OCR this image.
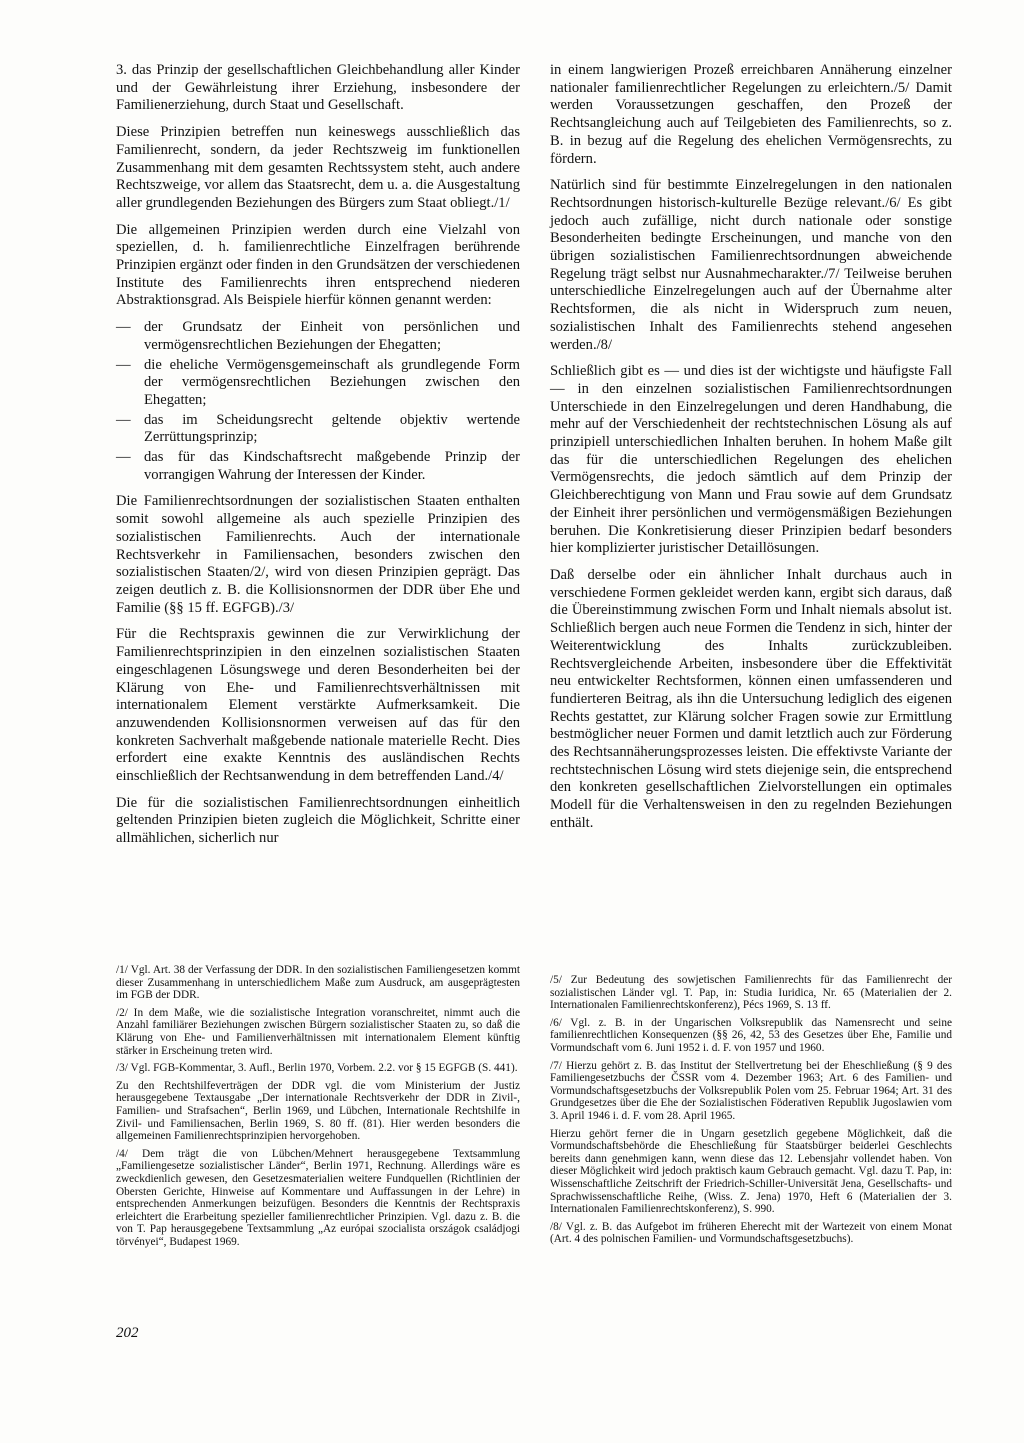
3. das Prinzip der gesellschaftlichen Gleichbehandlung aller Kinder und der Gewährleistung ihrer Erziehung, insbesondere der Familienerziehung, durch Staat und Gesellschaft.

Diese Prinzipien betreffen nun keineswegs ausschließlich das Familienrecht, sondern, da jeder Rechtszweig im funktionellen Zusammenhang mit dem gesamten Rechtssystem steht, auch andere Rechtszweige, vor allem das Staatsrecht, dem u. a. die Ausgestaltung aller grundlegenden Beziehungen des Bürgers zum Staat obliegt./1/

Die allgemeinen Prinzipien werden durch eine Vielzahl von speziellen, d. h. familienrechtliche Einzelfragen berührende Prinzipien ergänzt oder finden in den Grundsätzen der verschiedenen Institute des Familienrechts ihren entsprechend niederen Abstraktionsgrad. Als Beispiele hierfür können genannt werden:

— der Grundsatz der Einheit von persönlichen und vermögensrechtlichen Beziehungen der Ehegatten;
— die eheliche Vermögensgemeinschaft als grundlegende Form der vermögensrechtlichen Beziehungen zwischen den Ehegatten;
— das im Scheidungsrecht geltende objektiv wertende Zerrüttungsprinzip;
— das für das Kindschaftsrecht maßgebende Prinzip der vorrangigen Wahrung der Interessen der Kinder.

Die Familienrechtsordnungen der sozialistischen Staaten enthalten somit sowohl allgemeine als auch spezielle Prinzipien des sozialistischen Familienrechts. Auch der internationale Rechtsverkehr in Familiensachen, besonders zwischen den sozialistischen Staaten/2/, wird von diesen Prinzipien geprägt. Das zeigen deutlich z. B. die Kollisionsnormen der DDR über Ehe und Familie (§§ 15 ff. EGFGB)./3/

Für die Rechtspraxis gewinnen die zur Verwirklichung der Familienrechtsprinzipien in den einzelnen sozialistischen Staaten eingeschlagenen Lösungswege und deren Besonderheiten bei der Klärung von Ehe- und Familienrechtsverhältnissen mit internationalem Element verstärkte Aufmerksamkeit. Die anzuwendenden Kollisionsnormen verweisen auf das für den konkreten Sachverhalt maßgebende nationale materielle Recht. Dies erfordert eine exakte Kenntnis des ausländischen Rechts einschließlich der Rechtsanwendung in dem betreffenden Land./4/

Die für die sozialistischen Familienrechtsordnungen einheitlich geltenden Prinzipien bieten zugleich die Möglichkeit, Schritte einer allmählichen, sicherlich nur

in einem langwierigen Prozeß erreichbaren Annäherung einzelner nationaler familienrechtlicher Regelungen zu erleichtern./5/ Damit werden Voraussetzungen geschaffen, den Prozeß der Rechtsangleichung auch auf Teilgebieten des Familienrechts, so z. B. in bezug auf die Regelung des ehelichen Vermögensrechts, zu fördern.

Natürlich sind für bestimmte Einzelregelungen in den nationalen Rechtsordnungen historisch-kulturelle Bezüge relevant./6/ Es gibt jedoch auch zufällige, nicht durch nationale oder sonstige Besonderheiten bedingte Erscheinungen, und manche von den übrigen sozialistischen Familienrechtsordnungen abweichende Regelung trägt selbst nur Ausnahmecharakter./7/ Teilweise beruhen unterschiedliche Einzelregelungen auch auf der Übernahme alter Rechtsformen, die als nicht in Widerspruch zum neuen, sozialistischen Inhalt des Familienrechts stehend angesehen werden./8/

Schließlich gibt es — und dies ist der wichtigste und häufigste Fall — in den einzelnen sozialistischen Familienrechtsordnungen Unterschiede in den Einzelregelungen und deren Handhabung, die mehr auf der Verschiedenheit der rechtstechnischen Lösung als auf prinzipiell unterschiedlichen Inhalten beruhen. In hohem Maße gilt das für die unterschiedlichen Regelungen des ehelichen Vermögensrechts, die jedoch sämtlich auf dem Prinzip der Gleichberechtigung von Mann und Frau sowie auf dem Grundsatz der Einheit ihrer persönlichen und vermögensmäßigen Beziehungen beruhen. Die Konkretisierung dieser Prinzipien bedarf besonders hier komplizierter juristischer Detaillösungen.

Daß derselbe oder ein ähnlicher Inhalt durchaus auch in verschiedene Formen gekleidet werden kann, ergibt sich daraus, daß die Übereinstimmung zwischen Form und Inhalt niemals absolut ist. Schließlich bergen auch neue Formen die Tendenz in sich, hinter der Weiterentwicklung des Inhalts zurückzubleiben. Rechtsvergleichende Arbeiten, insbesondere über die Effektivität neu entwickelter Rechtsformen, können einen umfassenderen und fundierteren Beitrag, als ihn die Untersuchung lediglich des eigenen Rechts gestattet, zur Klärung solcher Fragen sowie zur Ermittlung bestmöglicher neuer Formen und damit letztlich auch zur Förderung des Rechtsannäherungsprozesses leisten. Die effektivste Variante der rechtstechnischen Lösung wird stets diejenige sein, die entsprechend den konkreten gesellschaftlichen Zielvorstellungen ein optimales Modell für die Verhaltensweisen in den zu regelnden Beziehungen enthält.

/1/ Vgl. Art. 38 der Verfassung der DDR. In den sozialistischen Familiengesetzen kommt dieser Zusammenhang in unterschiedlichem Maße zum Ausdruck, am ausgeprägtesten im FGB der DDR.

/2/ In dem Maße, wie die sozialistische Integration voranschreitet, nimmt auch die Anzahl familiärer Beziehungen zwischen Bürgern sozialistischer Staaten zu, so daß die Klärung von Ehe- und Familienverhältnissen mit internationalem Element künftig stärker in Erscheinung treten wird.

/3/ Vgl. FGB-Kommentar, 3. Aufl., Berlin 1970, Vorbem. 2.2. vor § 15 EGFGB (S. 441).

Zu den Rechtshilfeverträgen der DDR vgl. die vom Ministerium der Justiz herausgegebene Textausgabe „Der internationale Rechtsverkehr der DDR in Zivil-, Familien- und Strafsachen“, Berlin 1969, und Lübchen, Internationale Rechtshilfe in Zivil- und Familiensachen, Berlin 1969, S. 80 ff. (81). Hier werden besonders die allgemeinen Familienrechtsprinzipien hervorgehoben.

/4/ Dem trägt die von Lübchen/Mehnert herausgegebene Textsammlung „Familiengesetze sozialistischer Länder“, Berlin 1971, Rechnung. Allerdings wäre es zweckdienlich gewesen, den Gesetzesmaterialien weitere Fundquellen (Richtlinien der Obersten Gerichte, Hinweise auf Kommentare und Auffassungen in der Lehre) in entsprechenden Anmerkungen beizufügen. Besonders die Kenntnis der Rechtspraxis erleichtert die Erarbeitung spezieller familienrechtlicher Prinzipien. Vgl. dazu z. B. die von T. Pap herausgegebene Textsammlung „Az európai szocialista országok családjogi törvényei“, Budapest 1969.

/5/ Zur Bedeutung des sowjetischen Familienrechts für das Familienrecht der sozialistischen Länder vgl. T. Pap, in: Studia Iuridica, Nr. 65 (Materialien der 2. Internationalen Familienrechtskonferenz), Pécs 1969, S. 13 ff.

/6/ Vgl. z. B. in der Ungarischen Volksrepublik das Namensrecht und seine familienrechtlichen Konsequenzen (§§ 26, 42, 53 des Gesetzes über Ehe, Familie und Vormundschaft vom 6. Juni 1952 i. d. F. von 1957 und 1960.

/7/ Hierzu gehört z. B. das Institut der Stellvertretung bei der Eheschließung (§ 9 des Familiengesetzbuchs der ČSSR vom 4. Dezember 1963; Art. 6 des Familien- und Vormundschaftsgesetzbuchs der Volksrepublik Polen vom 25. Februar 1964; Art. 31 des Grundgesetzes über die Ehe der Sozialistischen Föderativen Republik Jugoslawien vom 3. April 1946 i. d. F. vom 28. April 1965.

Hierzu gehört ferner die in Ungarn gesetzlich gegebene Möglichkeit, daß die Vormundschaftsbehörde die Eheschließung für Staatsbürger beiderlei Geschlechts bereits dann genehmigen kann, wenn diese das 12. Lebensjahr vollendet haben. Von dieser Möglichkeit wird jedoch praktisch kaum Gebrauch gemacht. Vgl. dazu T. Pap, in: Wissenschaftliche Zeitschrift der Friedrich-Schiller-Universität Jena, Gesellschafts- und Sprachwissenschaftliche Reihe, (Wiss. Z. Jena) 1970, Heft 6 (Materialien der 3. Internationalen Familienrechtskonferenz), S. 990.

/8/ Vgl. z. B. das Aufgebot im früheren Eherecht mit der Wartezeit von einem Monat (Art. 4 des polnischen Familien- und Vormundschaftsgesetzbuchs).

202
